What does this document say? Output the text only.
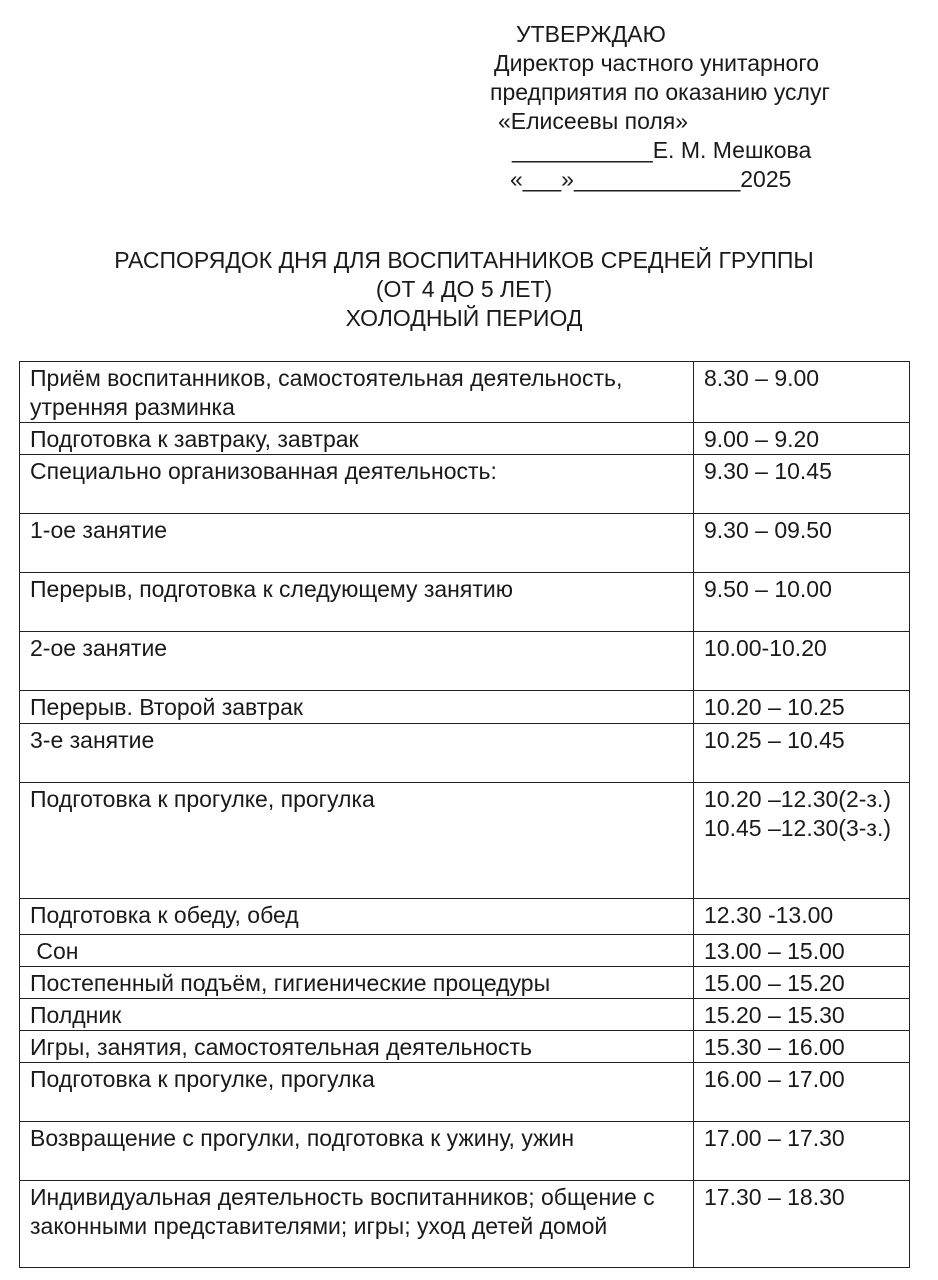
УТВЕРЖДАЮ
Директор частного унитарного
предприятия по оказанию услуг
«Елисеевы поля»
___________Е. М. Мешкова
«___»_____________2025
РАСПОРЯДОК ДНЯ ДЛЯ ВОСПИТАННИКОВ СРЕДНЕЙ ГРУППЫ
(ОТ 4 ДО 5 ЛЕТ)
ХОЛОДНЫЙ ПЕРИОД
Приём воспитанников, самостоятельная деятельность,  утренняя разминка	8.30 – 9.00

Подготовка к завтраку, завтрак	9.00 – 9.20

Специально организованная деятельность:	9.30 – 10.45

1-ое занятие	9.30 – 09.50

Перерыв, подготовка к следующему занятию	9.50 – 10.00

2-ое занятие	10.00-10.20

Перерыв. Второй завтрак	10.20 – 10.25

3-е занятие	10.25 – 10.45

Подготовка к прогулке, прогулка	10.20 –12.30(2-з.)
10.45 –12.30(3-з.)

Подготовка к обеду, обед	12.30 -13.00

Сон	13.00 – 15.00

Постепенный подъём, гигиенические процедуры	15.00 – 15.20

Полдник	15.20 – 15.30

Игры, занятия, самостоятельная деятельность	15.30 – 16.00

Подготовка к прогулке, прогулка	16.00 – 17.00

Возвращение с прогулки, подготовка к ужину, ужин	17.00 – 17.30

Индивидуальная деятельность воспитанников; общение с законными представителями; игры; уход детей домой	17.30 – 18.30
